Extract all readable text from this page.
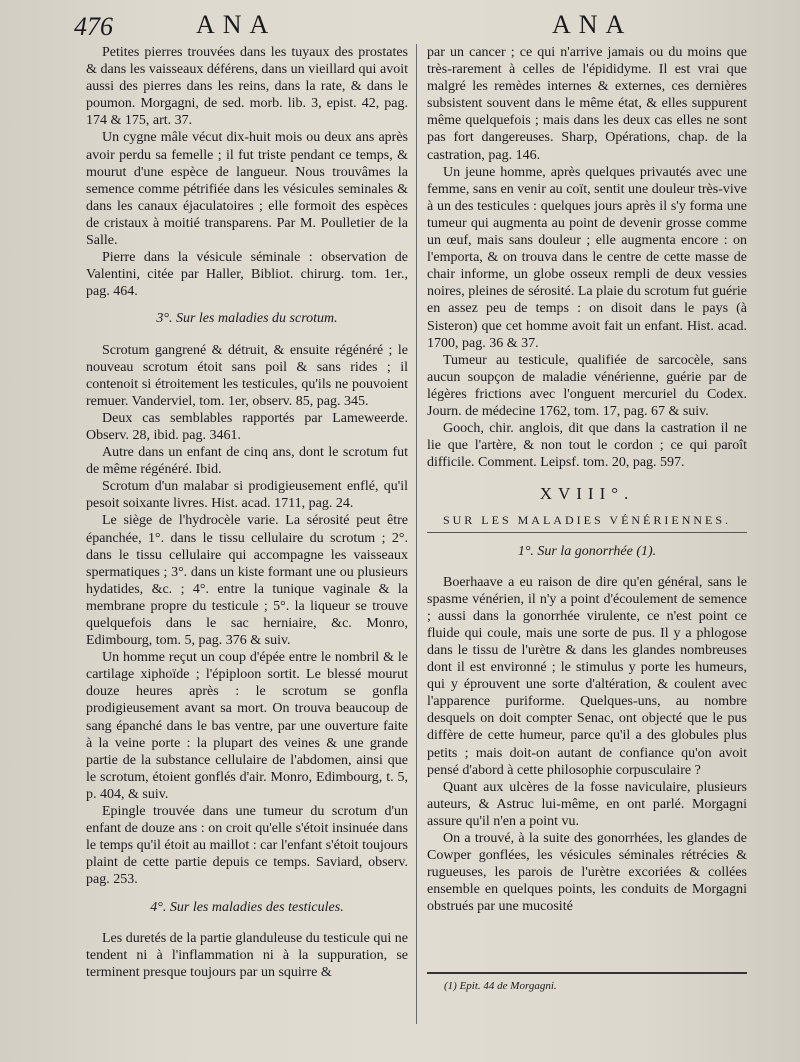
476	ANA	ANA

Petites pierres trouvées dans les tuyaux des prostates & dans les vaisseaux déférens, dans un vieillard qui avoit aussi des pierres dans les reins, dans la rate, & dans le poumon. Morgagni, de sed. morb. lib. 3, epist. 42, pag. 174 & 175, art. 37.

Un cygne mâle vécut dix-huit mois ou deux ans après avoir perdu sa femelle ; il fut triste pendant ce temps, & mourut d'une espèce de langueur. Nous trouvâmes la semence comme pétrifiée dans les vésicules seminales & dans les canaux éjaculatoires ; elle formoit des espèces de cristaux à moitié transparens. Par M. Poulletier de la Salle.

Pierre dans la vésicule séminale : observation de Valentini, citée par Haller, Bibliot. chirurg. tom. 1er., pag. 464.

3°. Sur les maladies du scrotum.

Scrotum gangrené & détruit, & ensuite régénéré ; le nouveau scrotum étoit sans poil & sans rides ; il contenoit si étroitement les testicules, qu'ils ne pouvoient remuer. Vanderviel, tom. 1er, observ. 85, pag. 345.

Deux cas semblables rapportés par Lameweerde. Observ. 28, ibid. pag. 3461.

Autre dans un enfant de cinq ans, dont le scrotum fut de même régénéré. Ibid.

Scrotum d'un malabar si prodigieusement enflé, qu'il pesoit soixante livres. Hist. acad. 1711, pag. 24.

Le siège de l'hydrocèle varie. La sérosité peut être épanchée, 1°. dans le tissu cellulaire du scrotum ; 2°. dans le tissu cellulaire qui accompagne les vaisseaux spermatiques ; 3°. dans un kiste formant une ou plusieurs hydatides, &c. ; 4°. entre la tunique vaginale & la membrane propre du testicule ; 5°. la liqueur se trouve quelquefois dans le sac herniaire, &c. Monro, Edimbourg, tom. 5, pag. 376 & suiv.

Un homme reçut un coup d'épée entre le nombril & le cartilage xiphoïde ; l'épiploon sortit. Le blessé mourut douze heures après : le scrotum se gonfla prodigieusement avant sa mort. On trouva beaucoup de sang épanché dans le bas ventre, par une ouverture faite à la veine porte : la plupart des veines & une grande partie de la substance cellulaire de l'abdomen, ainsi que le scrotum, étoient gonflés d'air. Monro, Edimbourg, t. 5, p. 404, & suiv.

Epingle trouvée dans une tumeur du scrotum d'un enfant de douze ans : on croit qu'elle s'étoit insinuée dans le temps qu'il étoit au maillot : car l'enfant s'étoit toujours plaint de cette partie depuis ce temps. Saviard, observ. pag. 253.

4°. Sur les maladies des testicules.

Les duretés de la partie glanduleuse du testicule qui ne tendent ni à l'inflammation ni à la suppuration, se terminent presque toujours par un squirre &

par un cancer ; ce qui n'arrive jamais ou du moins que très-rarement à celles de l'épididyme. Il est vrai que malgré les remèdes internes & externes, ces dernières subsistent souvent dans le même état, & elles suppurent même quelquefois ; mais dans les deux cas elles ne sont pas fort dangereuses. Sharp, Opérations, chap. de la castration, pag. 146.

Un jeune homme, après quelques privautés avec une femme, sans en venir au coït, sentit une douleur très-vive à un des testicules : quelques jours après il s'y forma une tumeur qui augmenta au point de devenir grosse comme un œuf, mais sans douleur ; elle augmenta encore : on l'emporta, & on trouva dans le centre de cette masse de chair informe, un globe osseux rempli de deux vessies noires, pleines de sérosité. La plaie du scrotum fut guérie en assez peu de temps : on disoit dans le pays (à Sisteron) que cet homme avoit fait un enfant. Hist. acad. 1700, pag. 36 & 37.

Tumeur au testicule, qualifiée de sarcocèle, sans aucun soupçon de maladie vénérienne, guérie par de légères frictions avec l'onguent mercuriel du Codex. Journ. de médecine 1762, tom. 17, pag. 67 & suiv.

Gooch, chir. anglois, dit que dans la castration il ne lie que l'artère, & non tout le cordon ; ce qui paroît difficile. Comment. Leipsf. tom. 20, pag. 597.

XVIII°.

SUR LES MALADIES VÉNÉRIENNES.

1°. Sur la gonorrhée (1).

Boerhaave a eu raison de dire qu'en général, sans le spasme vénérien, il n'y a point d'écoulement de semence ; aussi dans la gonorrhée virulente, ce n'est point ce fluide qui coule, mais une sorte de pus. Il y a phlogose dans le tissu de l'urètre & dans les glandes nombreuses dont il est environné ; le stimulus y porte les humeurs, qui y éprouvent une sorte d'altération, & coulent avec l'apparence puriforme. Quelques-uns, au nombre desquels on doit compter Senac, ont objecté que le pus diffère de cette humeur, parce qu'il a des globules plus petits ; mais doit-on autant de confiance qu'on avoit pensé d'abord à cette philosophie corpusculaire ?

Quant aux ulcères de la fosse naviculaire, plusieurs auteurs, & Astruc lui-même, en ont parlé. Morgagni assure qu'il n'en a point vu.

On a trouvé, à la suite des gonorrhées, les glandes de Cowper gonflées, les vésicules séminales rétrécies & rugueuses, les parois de l'urètre excoriées & collées ensemble en quelques points, les conduits de Morgagni obstrués par une mucosité

(1) Epit. 44 de Morgagni.
